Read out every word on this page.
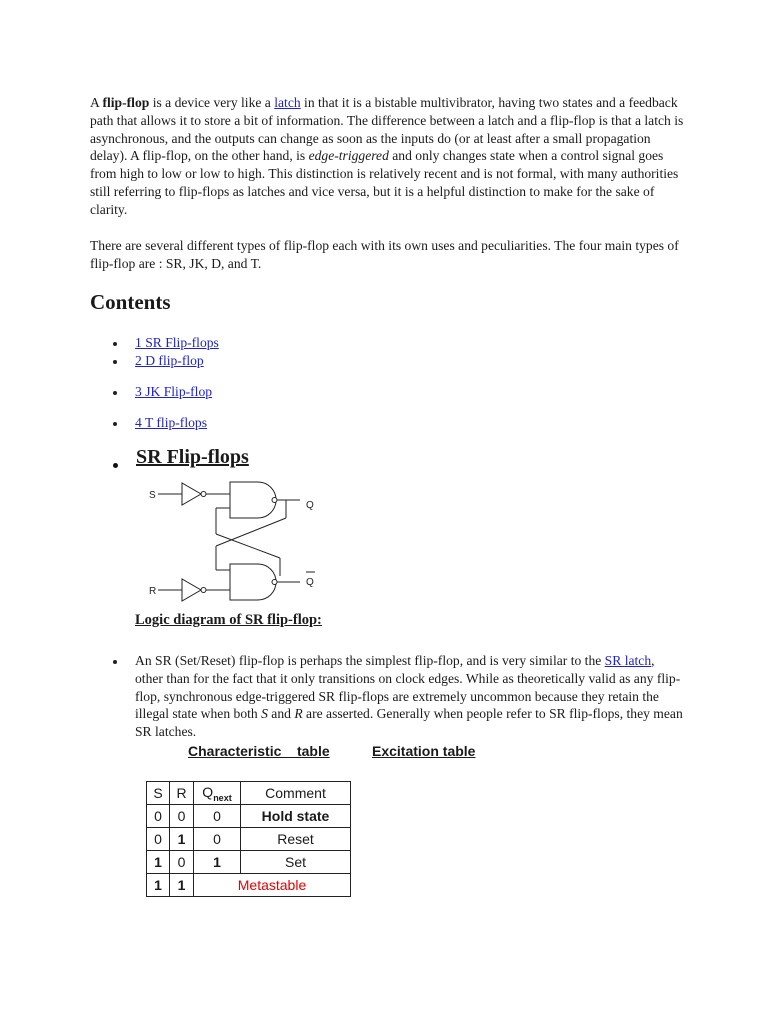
A flip-flop is a device very like a latch in that it is a bistable multivibrator, having two states and a feedback path that allows it to store a bit of information. The difference between a latch and a flip-flop is that a latch is asynchronous, and the outputs can change as soon as the inputs do (or at least after a small propagation delay). A flip-flop, on the other hand, is edge-triggered and only changes state when a control signal goes from high to low or low to high. This distinction is relatively recent and is not formal, with many authorities still referring to flip-flops as latches and vice versa, but it is a helpful distinction to make for the sake of clarity.

There are several different types of flip-flop each with its own uses and peculiarities. The four main types of flip-flop are : SR, JK, D, and T.

Contents
1 SR Flip-flops
2 D flip-flop
3 JK Flip-flop
4 T flip-flops
SR Flip-flops
S
R
Q
Q

Logic diagram of SR flip-flop:

An SR (Set/Reset) flip-flop is perhaps the simplest flip-flop, and is very similar to the SR latch, other than for the fact that it only transitions on clock edges. While as theoretically valid as any flip-flop, synchronous edge-triggered SR flip-flops are extremely uncommon because they retain the illegal state when both S and R are asserted. Generally when people refer to SR flip-flops, they mean SR latches.

Characteristic    table	Excitation table

S	R	$Q_{next}$	Comment
0	0	0	Hold state
0	1	0	Reset
1	0	1	Set
1	1	Metastable	
